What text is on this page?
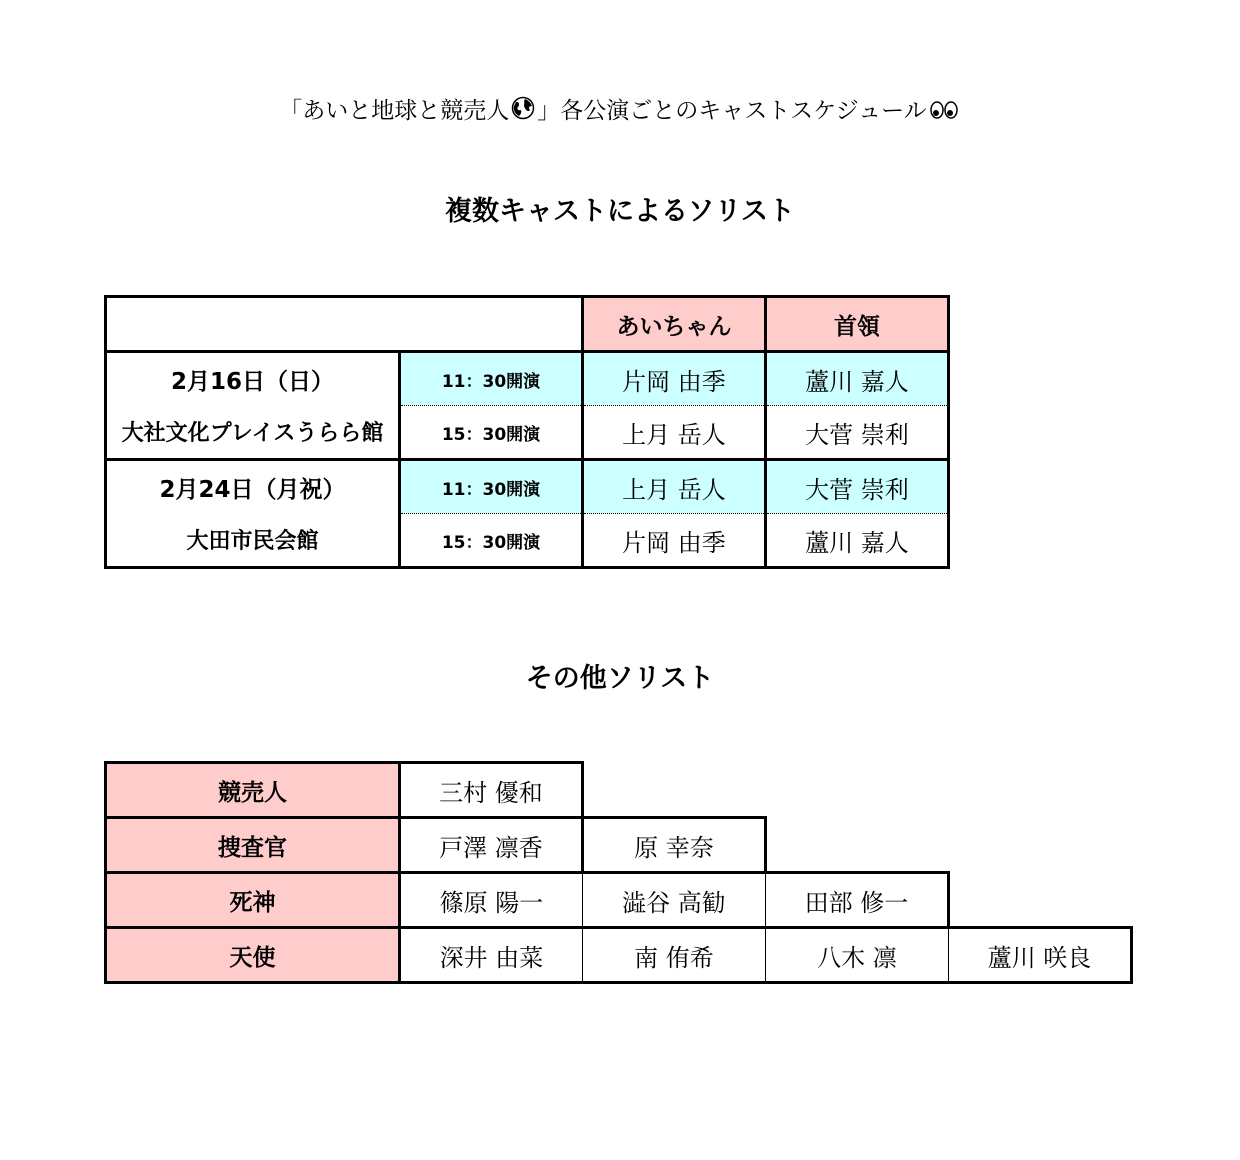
「あいと地球と競売人 」各公演ごとのキャストスケジュール
複数キャストによるソリスト
		あいちゃん	首領
2月16日（日）	11：30開演	片岡 由季	蘆川 嘉人
大社文化プレイスうらら館	15：30開演	上月 岳人	大菅 崇利
2月24日（月祝）	11：30開演	上月 岳人	大菅 崇利
大田市民会館	15：30開演	片岡 由季	蘆川 嘉人
その他ソリスト
競売人	三村 優和			
捜査官	戸澤 凛香	原 幸奈		
死神	篠原 陽一	澁谷 高勧	田部 修一	
天使	深井 由菜	南 侑希	八木 凛	蘆川 咲良
